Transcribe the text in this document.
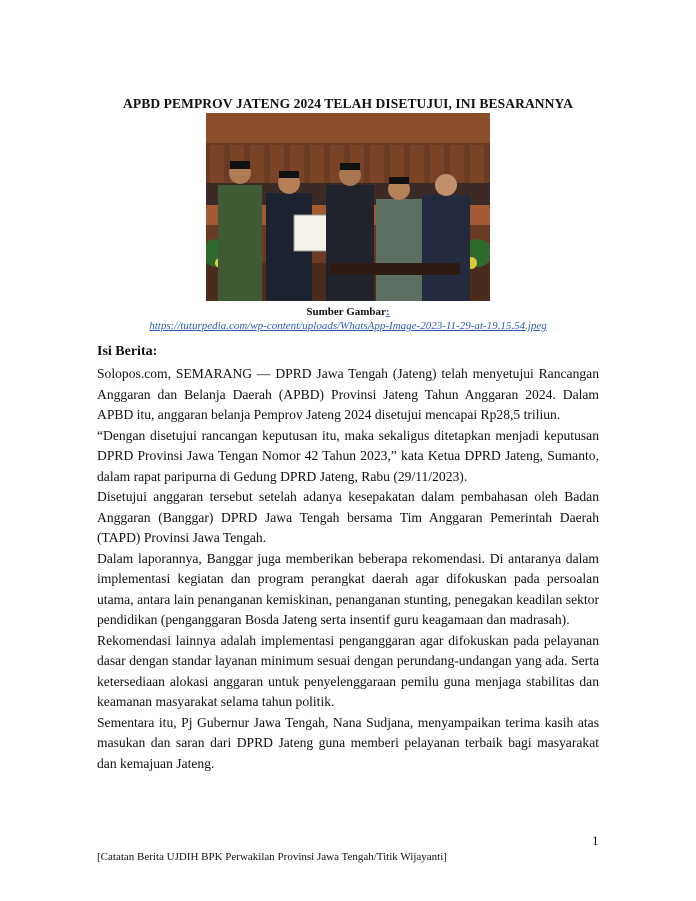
APBD PEMPROV JATENG 2024 TELAH DISETUJUI, INI BESARANNYA
Sumber Gambar:
https://tuturpedia.com/wp-content/uploads/WhatsApp-Image-2023-11-29-at-19.15.54.jpeg
Isi Berita:

Solopos.com, SEMARANG — DPRD Jawa Tengah (Jateng) telah menyetujui Rancangan Anggaran dan Belanja Daerah (APBD) Provinsi Jateng Tahun Anggaran 2024. Dalam APBD itu, anggaran belanja Pemprov Jateng 2024 disetujui mencapai Rp28,5 triliun.

“Dengan disetujui rancangan keputusan itu, maka sekaligus ditetapkan menjadi keputusan DPRD Provinsi Jawa Tengan Nomor 42 Tahun 2023,” kata Ketua DPRD Jateng, Sumanto, dalam rapat paripurna di Gedung DPRD Jateng, Rabu (29/11/2023).

Disetujui anggaran tersebut setelah adanya kesepakatan dalam pembahasan oleh Badan Anggaran (Banggar) DPRD Jawa Tengah bersama Tim Anggaran Pemerintah Daerah (TAPD) Provinsi Jawa Tengah.

Dalam laporannya, Banggar juga memberikan beberapa rekomendasi. Di antaranya dalam implementasi kegiatan dan program perangkat daerah agar difokuskan pada persoalan utama, antara lain penanganan kemiskinan, penanganan stunting, penegakan keadilan sektor pendidikan (penganggaran Bosda Jateng serta insentif guru keagamaan dan madrasah).

Rekomendasi lainnya adalah implementasi penganggaran agar difokuskan pada pelayanan dasar dengan standar layanan minimum sesuai dengan perundang-undangan yang ada. Serta ketersediaan alokasi anggaran untuk penyelenggaraan pemilu guna menjaga stabilitas dan keamanan masyarakat selama tahun politik.

Sementara itu, Pj Gubernur Jawa Tengah, Nana Sudjana, menyampaikan terima kasih atas masukan dan saran dari DPRD Jateng guna memberi pelayanan terbaik bagi masyarakat dan kemajuan Jateng.

1
[Catatan Berita UJDIH BPK Perwakilan Provinsi Jawa Tengah/Titik Wijayanti]
